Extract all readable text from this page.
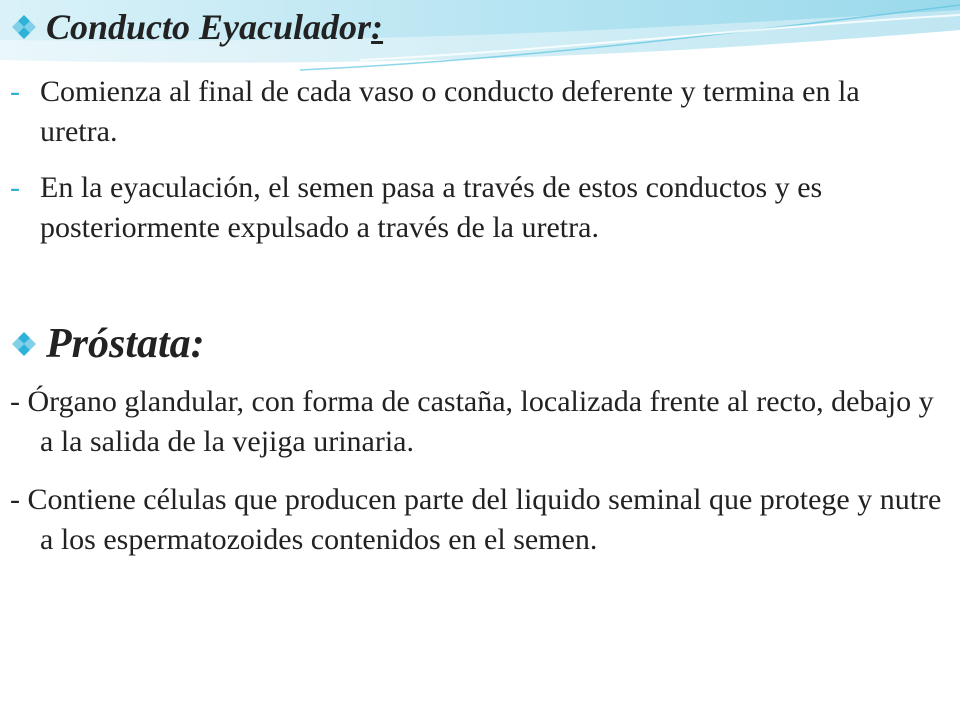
Conducto Eyaculador :
- Comienza al final de cada vaso o conducto deferente y termina en la uretra.
- En la eyaculación, el semen pasa a través de estos conductos y es posteriormente expulsado a través de la uretra.
Próstata:
- Órgano glandular, con forma de castaña, localizada frente al recto, debajo y a la salida de la vejiga urinaria.
- Contiene células que producen parte del liquido seminal que protege y nutre a los espermatozoides contenidos en el semen.
